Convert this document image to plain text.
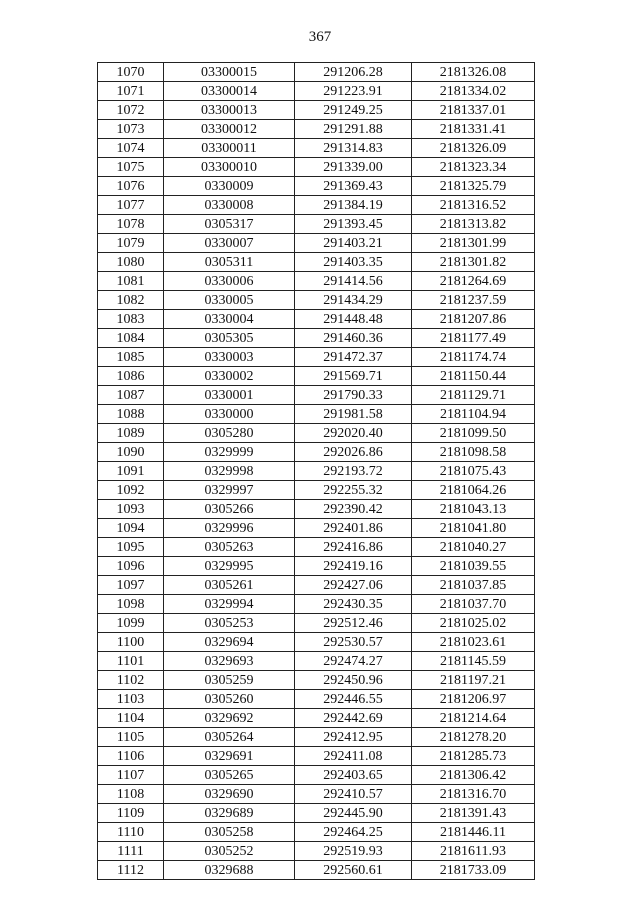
367
1070	03300015	291206.28	2181326.08
1071	03300014	291223.91	2181334.02
1072	03300013	291249.25	2181337.01
1073	03300012	291291.88	2181331.41
1074	03300011	291314.83	2181326.09
1075	03300010	291339.00	2181323.34
1076	0330009	291369.43	2181325.79
1077	0330008	291384.19	2181316.52
1078	0305317	291393.45	2181313.82
1079	0330007	291403.21	2181301.99
1080	0305311	291403.35	2181301.82
1081	0330006	291414.56	2181264.69
1082	0330005	291434.29	2181237.59
1083	0330004	291448.48	2181207.86
1084	0305305	291460.36	2181177.49
1085	0330003	291472.37	2181174.74
1086	0330002	291569.71	2181150.44
1087	0330001	291790.33	2181129.71
1088	0330000	291981.58	2181104.94
1089	0305280	292020.40	2181099.50
1090	0329999	292026.86	2181098.58
1091	0329998	292193.72	2181075.43
1092	0329997	292255.32	2181064.26
1093	0305266	292390.42	2181043.13
1094	0329996	292401.86	2181041.80
1095	0305263	292416.86	2181040.27
1096	0329995	292419.16	2181039.55
1097	0305261	292427.06	2181037.85
1098	0329994	292430.35	2181037.70
1099	0305253	292512.46	2181025.02
1100	0329694	292530.57	2181023.61
1101	0329693	292474.27	2181145.59
1102	0305259	292450.96	2181197.21
1103	0305260	292446.55	2181206.97
1104	0329692	292442.69	2181214.64
1105	0305264	292412.95	2181278.20
1106	0329691	292411.08	2181285.73
1107	0305265	292403.65	2181306.42
1108	0329690	292410.57	2181316.70
1109	0329689	292445.90	2181391.43
1110	0305258	292464.25	2181446.11
1111	0305252	292519.93	2181611.93
1112	0329688	292560.61	2181733.09
